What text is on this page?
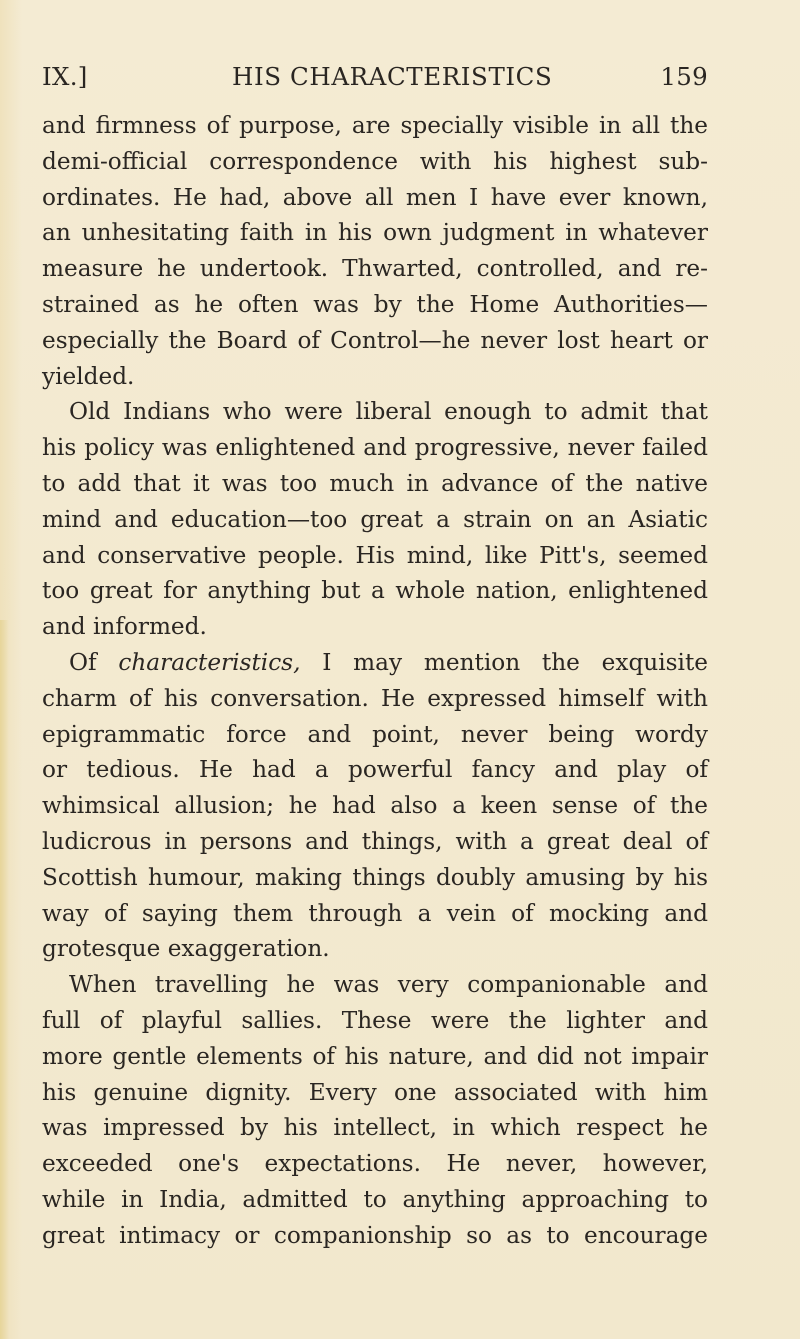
IX.]	HIS CHARACTERISTICS	159
and firmness of purpose, are specially visible in all the
demi-official correspondence with his highest sub-
ordinates. He had, above all men I have ever known,
an unhesitating faith in his own judgment in whatever
measure he undertook. Thwarted, controlled, and re-
strained as he often was by the Home Authorities—
especially the Board of Control—he never lost heart or
yielded.
Old Indians who were liberal enough to admit that
his policy was enlightened and progressive, never failed
to add that it was too much in advance of the native
mind and education—too great a strain on an Asiatic
and conservative people. His mind, like Pitt's, seemed
too great for anything but a whole nation, enlightened
and informed.
Of characteristics, I may mention the exquisite
charm of his conversation. He expressed himself with
epigrammatic force and point, never being wordy
or tedious. He had a powerful fancy and play of
whimsical allusion; he had also a keen sense of the
ludicrous in persons and things, with a great deal of
Scottish humour, making things doubly amusing by his
way of saying them through a vein of mocking and
grotesque exaggeration.
When travelling he was very companionable and
full of playful sallies. These were the lighter and
more gentle elements of his nature, and did not impair
his genuine dignity. Every one associated with him
was impressed by his intellect, in which respect he
exceeded one's expectations. He never, however,
while in India, admitted to anything approaching to
great intimacy or companionship so as to encourage
